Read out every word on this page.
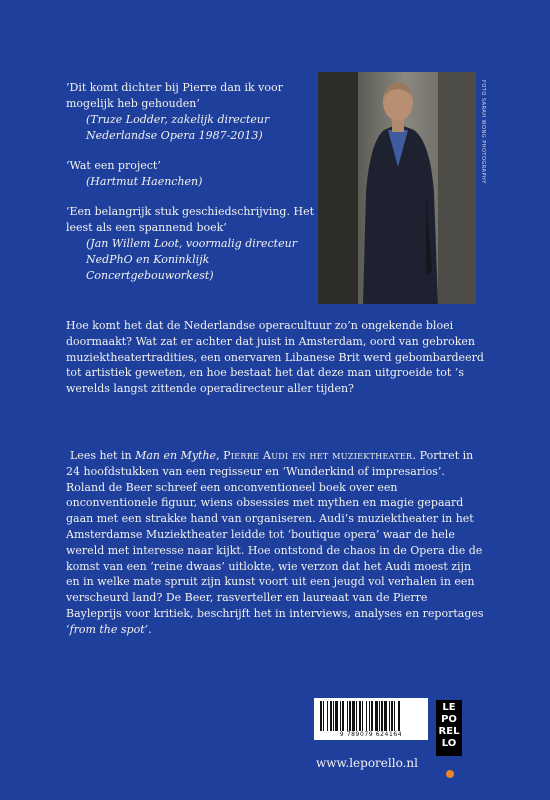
‘Dit komt dichter bij Pierre dan ik voor mogelijk heb gehouden’
(Truze Lodder, zakelijk directeur Nederlandse Opera 1987-2013)
‘Wat een project’
(Hartmut Haenchen)
‘Een belangrijk stuk geschiedschrijving. Het leest als een spannend boek’
(Jan Willem Loot, voormalig directeur NedPhO en Koninklijk Concertgebouworkest)
FOTO SARAH WONG PHOTOGRAPHY
Hoe komt het dat de Nederlandse operacultuur zo’n ongekende bloei doormaakt? Wat zat er achter dat juist in Amsterdam, oord van gebroken muziektheatertradities, een onervaren Libanese Brit werd gebombardeerd tot artistiek geweten, en hoe bestaat het dat deze man uitgroeide tot ’s werelds langst zittende operadirecteur aller tijden?
Lees het in Man en Mythe, Pierre Audi en het muziektheater. Portret in 24 hoofdstukken van een regisseur en ‘Wunderkind of impresarios’. Roland de Beer schreef een onconventioneel boek over een onconventionele figuur, wiens obsessies met mythen en magie gepaard gaan met een strakke hand van organiseren. Audi’s muziektheater in het Amsterdamse Muziektheater leidde tot ‘boutique opera’ waar de hele wereld met interesse naar kijkt. Hoe ontstond de chaos in de Opera die de komst van een ‘reine dwaas’ uitlokte, wie verzon dat het Audi moest zijn en in welke mate spruit zijn kunst voort uit een jeugd vol verhalen in een verscheurd land? De Beer, rasverteller en laureaat van de Pierre Bayleprijs voor kritiek, beschrijft het in interviews, analyses en reportages ‘from the spot’.
9 789079 624164
www.leporello.nl
LE
PO
REL
LO
